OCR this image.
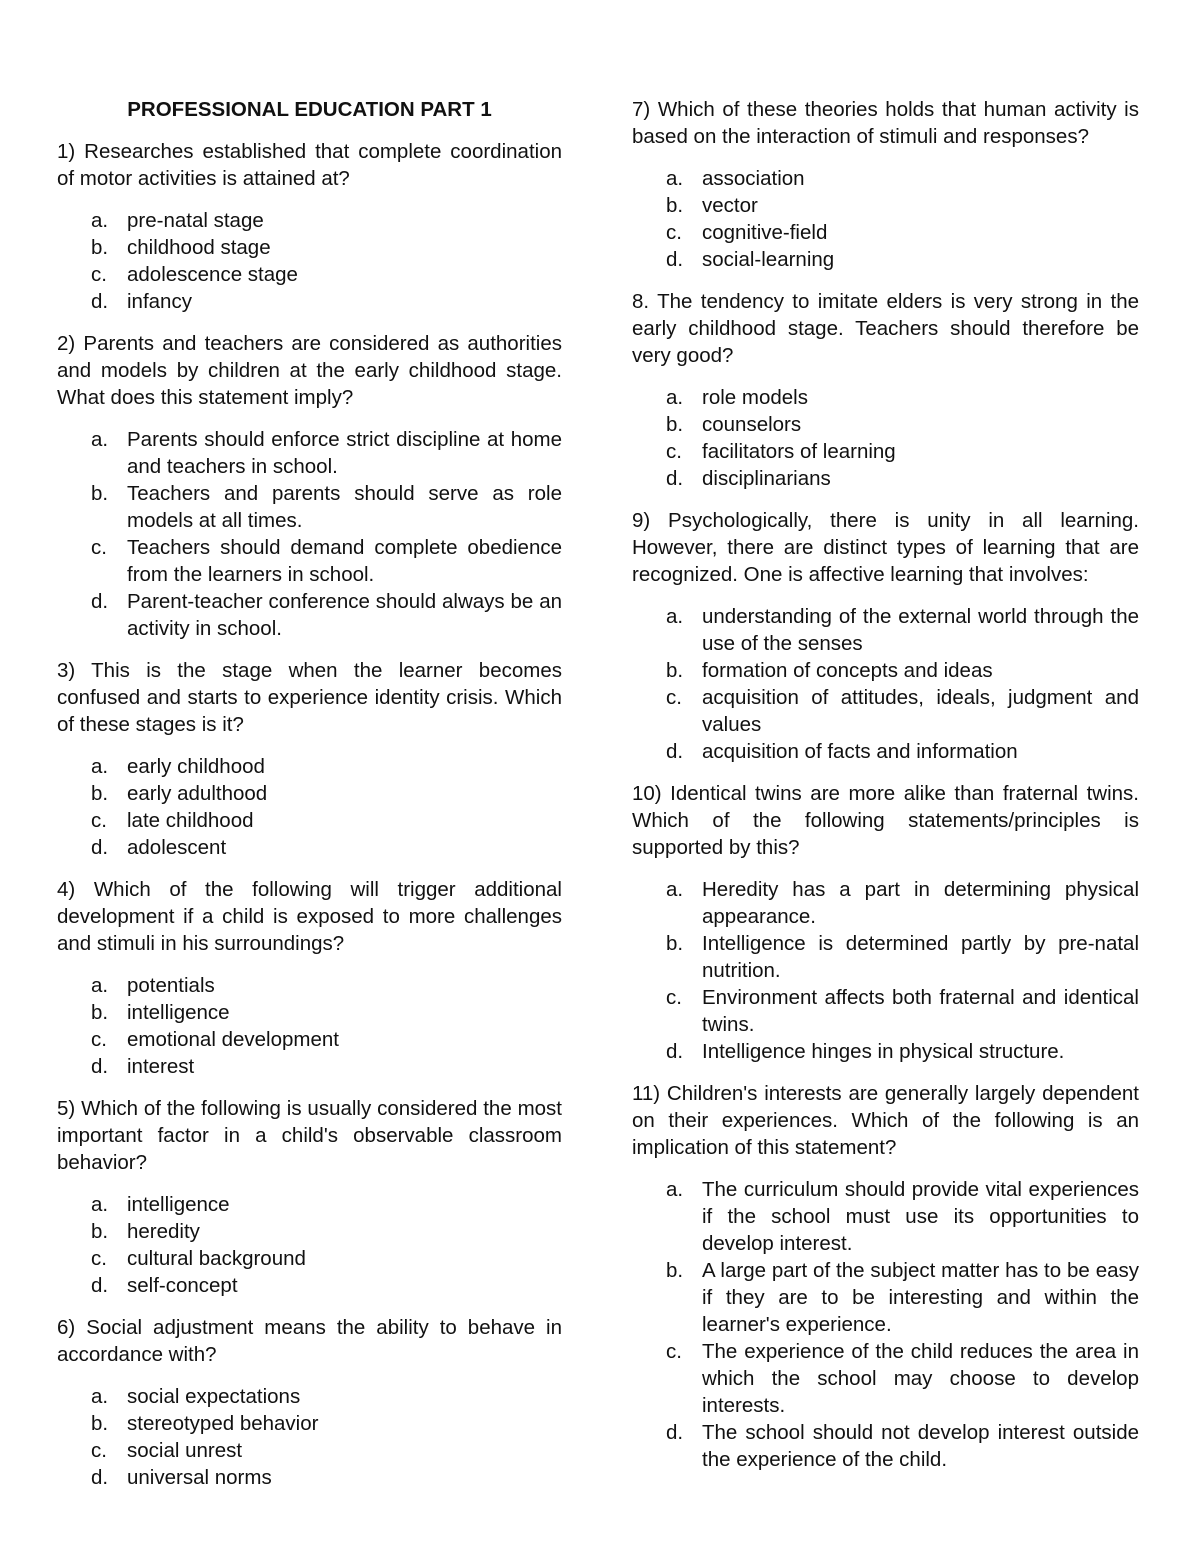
PROFESSIONAL EDUCATION PART 1
1) Researches established that complete coordination of motor activities is attained at?
a. pre-natal stage
b. childhood stage
c. adolescence stage
d. infancy
2) Parents and teachers are considered as authorities and models by children at the early childhood stage. What does this statement imply?
a. Parents should enforce strict discipline at home and teachers in school.
b. Teachers and parents should serve as role models at all times.
c. Teachers should demand complete obedience from the learners in school.
d. Parent-teacher conference should always be an activity in school.
3) This is the stage when the learner becomes confused and starts to experience identity crisis. Which of these stages is it?
a. early childhood
b. early adulthood
c. late childhood
d. adolescent
4) Which of the following will trigger additional development if a child is exposed to more challenges and stimuli in his surroundings?
a. potentials
b. intelligence
c. emotional development
d. interest
5) Which of the following is usually considered the most important factor in a child's observable classroom behavior?
a. intelligence
b. heredity
c. cultural background
d. self-concept
6) Social adjustment means the ability to behave in accordance with?
a. social expectations
b. stereotyped behavior
c. social unrest
d. universal norms
7) Which of these theories holds that human activity is based on the interaction of stimuli and responses?
a. association
b. vector
c. cognitive-field
d. social-learning
8. The tendency to imitate elders is very strong in the early childhood stage. Teachers should therefore be very good?
a. role models
b. counselors
c. facilitators of learning
d. disciplinarians
9) Psychologically, there is unity in all learning. However, there are distinct types of learning that are recognized. One is affective learning that involves:
a. understanding of the external world through the use of the senses
b. formation of concepts and ideas
c. acquisition of attitudes, ideals, judgment and values
d. acquisition of facts and information
10) Identical twins are more alike than fraternal twins. Which of the following statements/principles is supported by this?
a. Heredity has a part in determining physical appearance.
b. Intelligence is determined partly by pre-natal nutrition.
c. Environment affects both fraternal and identical twins.
d. Intelligence hinges in physical structure.
11) Children's interests are generally largely dependent on their experiences. Which of the following is an implication of this statement?
a. The curriculum should provide vital experiences if the school must use its opportunities to develop interest.
b. A large part of the subject matter has to be easy if they are to be interesting and within the learner's experience.
c. The experience of the child reduces the area in which the school may choose to develop interests.
d. The school should not develop interest outside the experience of the child.
